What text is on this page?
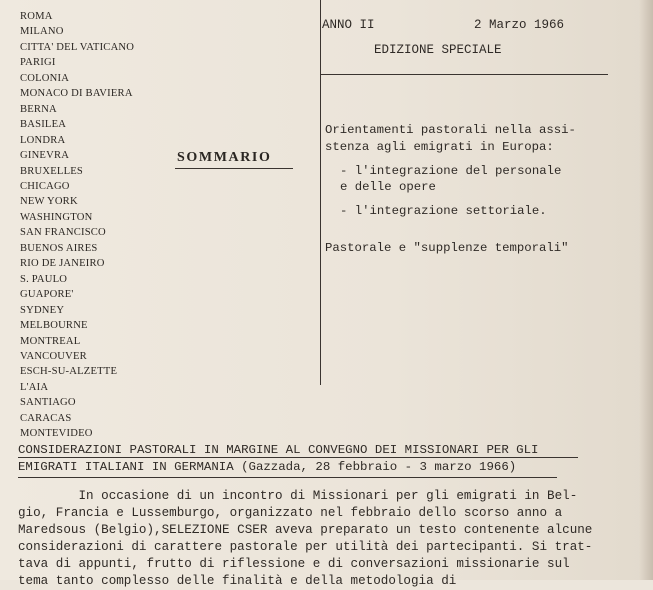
ROMA
MILANO
CITTA' DEL VATICANO
PARIGI
COLONIA
MONACO DI BAVIERA
BERNA
BASILEA
LONDRA
GINEVRA
BRUXELLES
CHICAGO
NEW YORK
WASHINGTON
SAN FRANCISCO
BUENOS AIRES
RIO DE JANEIRO
S. PAULO
GUAPORE'
SYDNEY
MELBOURNE
MONTREAL
VANCOUVER
ESCH-SU-ALZETTE
L'AIA
SANTIAGO
CARACAS
MONTEVIDEO
SOMMARIO
ANNO II	2 Marzo 1966
EDIZIONE SPECIALE
Orientamenti pastorali nella assi-
stenza agli emigrati in Europa:
- l'integrazione del personale
e delle opere
- l'integrazione settoriale.
Pastorale e "supplenze temporali"
CONSIDERAZIONI PASTORALI IN MARGINE AL CONVEGNO DEI MISSIONARI PER GLI
EMIGRATI ITALIANI IN GERMANIA (Gazzada, 28 febbraio - 3 marzo 1966)
In occasione di un incontro di Missionari per gli emigrati in Bel-
gio, Francia e Lussemburgo, organizzato nel febbraio dello scorso anno a
Maredsous (Belgio),SELEZIONE CSER aveva preparato un testo contenente alcune
considerazioni di carattere pastorale per utilità dei partecipanti. Si trat-
tava di appunti, frutto di riflessione e di conversazioni missionarie sul
tema tanto complesso delle finalità e della metodologia di
